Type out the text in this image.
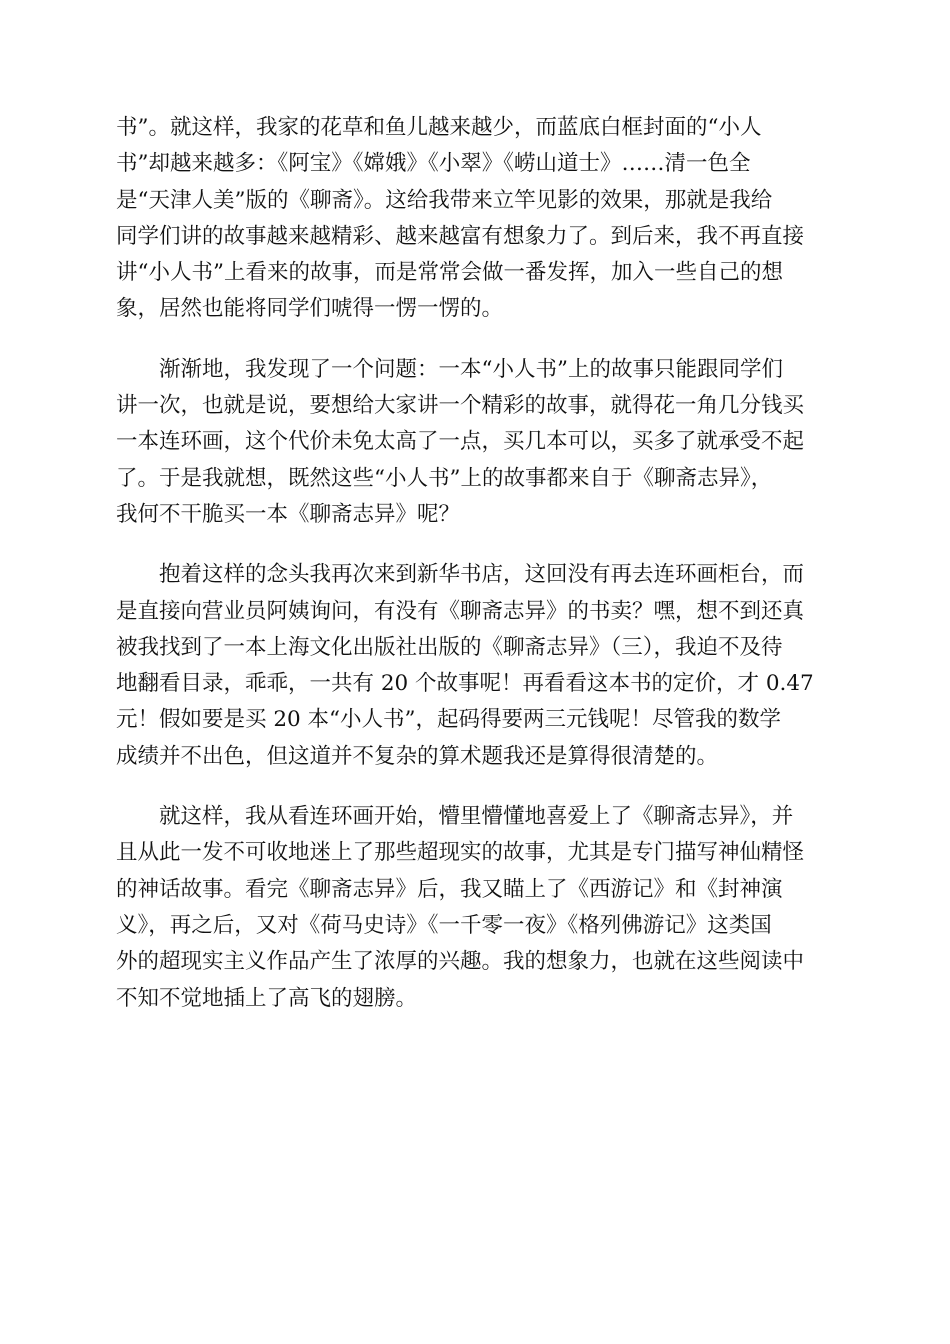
书”。就这样，我家的花草和鱼儿越来越少，而蓝底白框封面的“小人
书”却越来越多：《阿宝》《嫦娥》《小翠》《崂山道士》……清一色全
是“天津人美”版的《聊斋》。这给我带来立竿见影的效果，那就是我给
同学们讲的故事越来越精彩、越来越富有想象力了。到后来，我不再直接
讲“小人书”上看来的故事，而是常常会做一番发挥，加入一些自己的想
象，居然也能将同学们唬得一愣一愣的。

　　渐渐地，我发现了一个问题：一本“小人书”上的故事只能跟同学们
讲一次，也就是说，要想给大家讲一个精彩的故事，就得花一角几分钱买
一本连环画，这个代价未免太高了一点，买几本可以，买多了就承受不起
了。于是我就想，既然这些“小人书”上的故事都来自于《聊斋志异》，
我何不干脆买一本《聊斋志异》呢？

　　抱着这样的念头我再次来到新华书店，这回没有再去连环画柜台，而
是直接向营业员阿姨询问，有没有《聊斋志异》的书卖？嘿，想不到还真
被我找到了一本上海文化出版社出版的《聊斋志异》（三），我迫不及待
地翻看目录，乖乖，一共有 20 个故事呢！再看看这本书的定价，才 0.47
元！假如要是买 20 本“小人书”，起码得要两三元钱呢！尽管我的数学
成绩并不出色，但这道并不复杂的算术题我还是算得很清楚的。

　　就这样，我从看连环画开始，懵里懵懂地喜爱上了《聊斋志异》，并
且从此一发不可收地迷上了那些超现实的故事，尤其是专门描写神仙精怪
的神话故事。看完《聊斋志异》后，我又瞄上了《西游记》和《封神演
义》，再之后，又对《荷马史诗》《一千零一夜》《格列佛游记》这类国
外的超现实主义作品产生了浓厚的兴趣。我的想象力，也就在这些阅读中
不知不觉地插上了高飞的翅膀。
